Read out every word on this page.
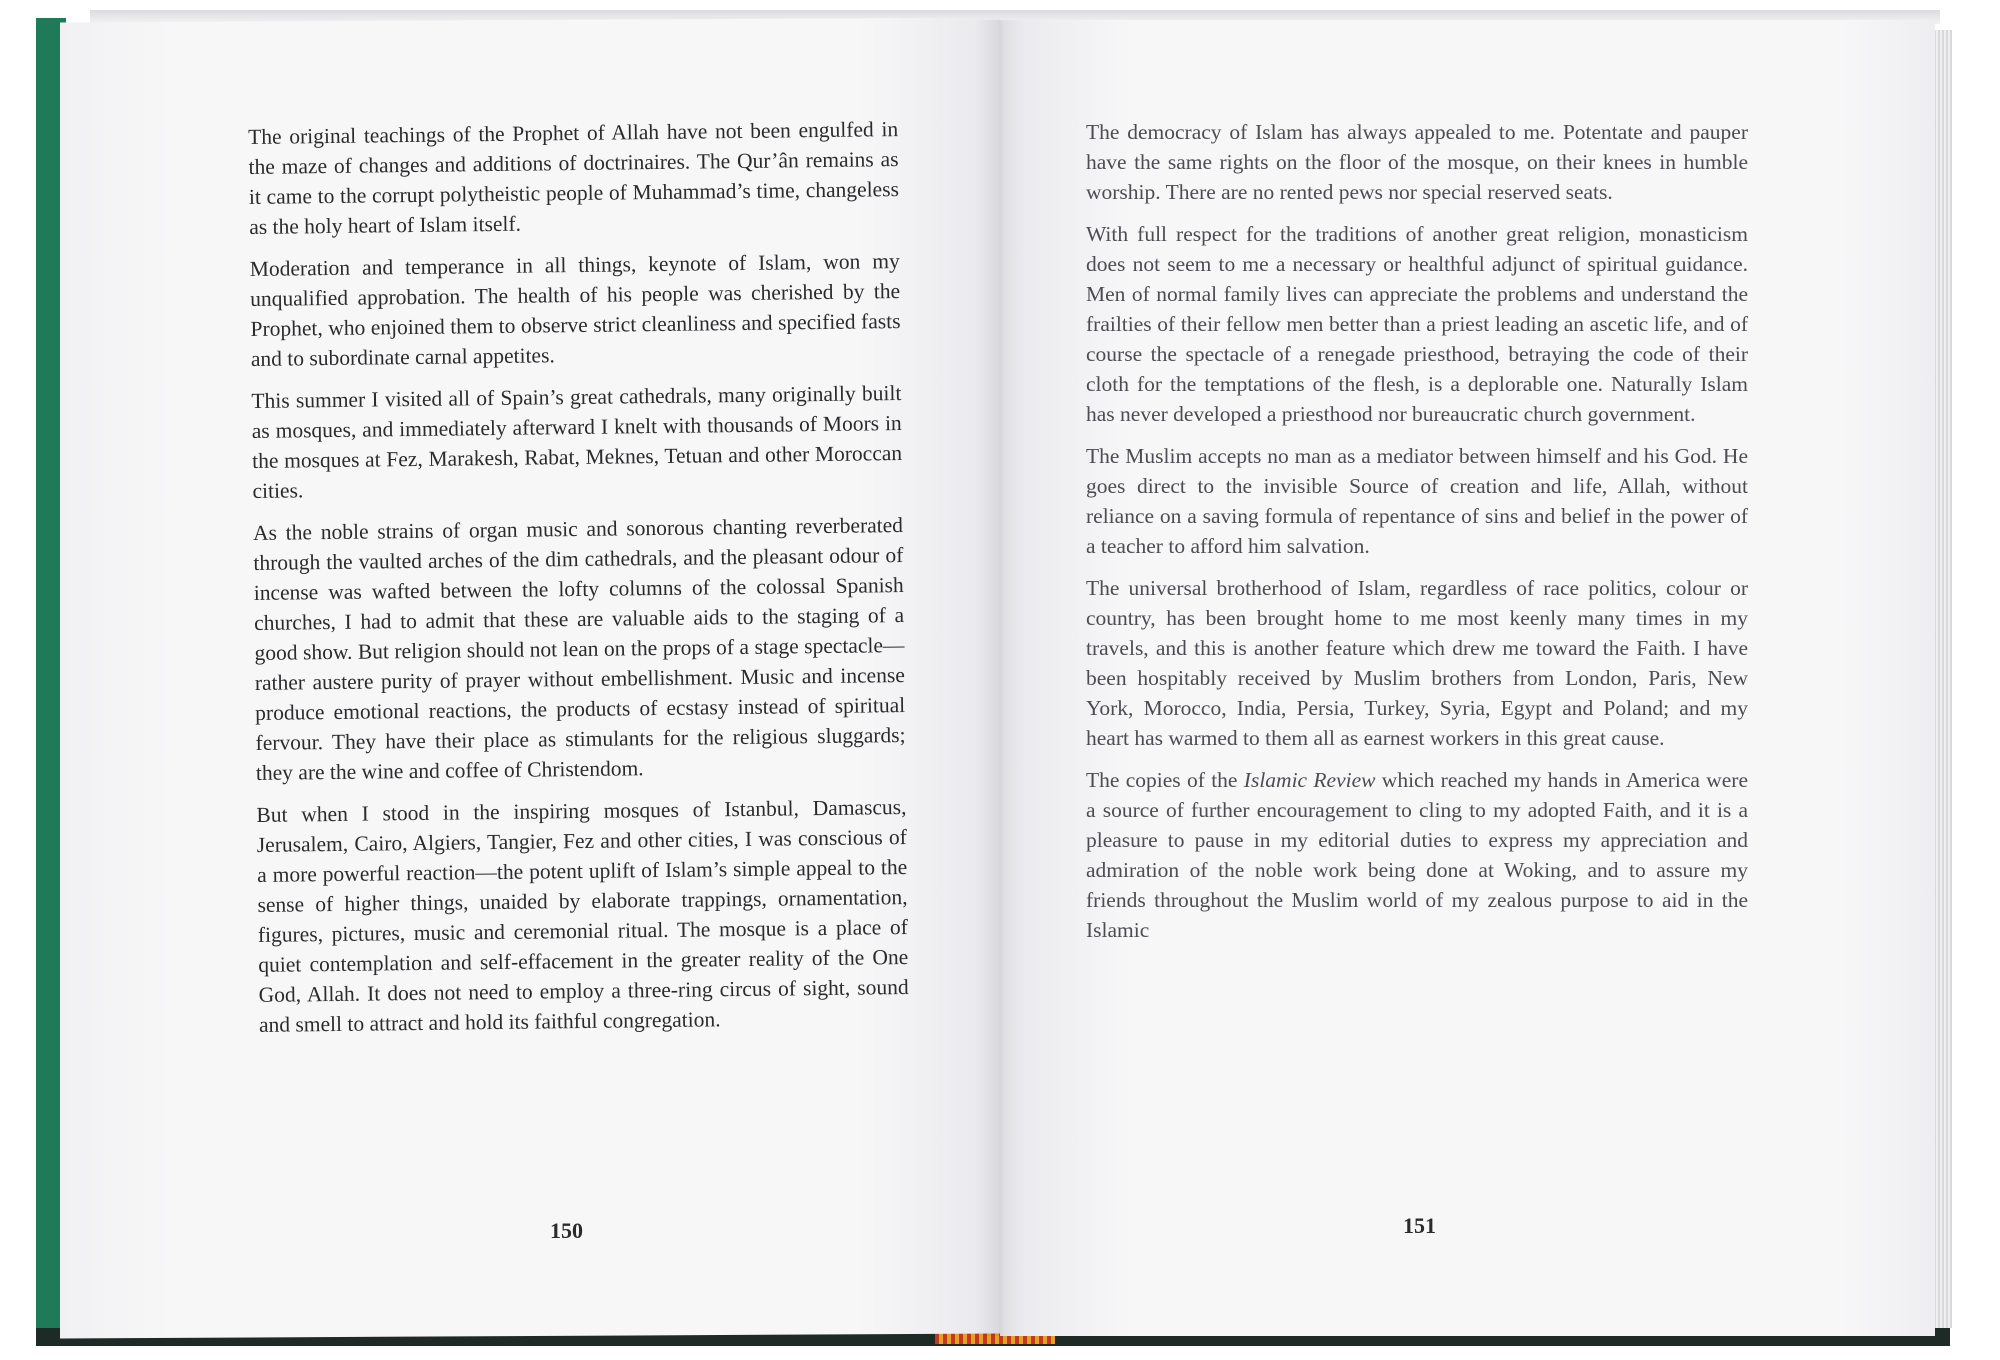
The original teachings of the Prophet of Allah have not been engulfed in the maze of changes and additions of doctrinaires. The Qur’ân remains as it came to the corrupt polytheistic people of Muhammad’s time, changeless as the holy heart of Islam itself.

Moderation and temperance in all things, keynote of Islam, won my unqualified approbation. The health of his people was cherished by the Prophet, who enjoined them to observe strict cleanliness and specified fasts and to subordinate carnal appetites.

This summer I visited all of Spain’s great cathedrals, many originally built as mosques, and immediately afterward I knelt with thousands of Moors in the mosques at Fez, Marakesh, Rabat, Meknes, Tetuan and other Moroccan cities.

As the noble strains of organ music and sonorous chanting reverberated through the vaulted arches of the dim cathedrals, and the pleasant odour of incense was wafted between the lofty columns of the colossal Spanish churches, I had to admit that these are valuable aids to the staging of a good show. But religion should not lean on the props of a stage spectacle—rather austere purity of prayer without embellishment. Music and incense produce emotional reactions, the products of ecstasy instead of spiritual fervour. They have their place as stimulants for the religious sluggards; they are the wine and coffee of Christendom.

But when I stood in the inspiring mosques of Istanbul, Damascus, Jerusalem, Cairo, Algiers, Tangier, Fez and other cities, I was conscious of a more powerful reaction—the potent uplift of Islam’s simple appeal to the sense of higher things, unaided by elaborate trappings, ornamentation, figures, pictures, music and ceremonial ritual. The mosque is a place of quiet contemplation and self-effacement in the greater reality of the One God, Allah. It does not need to employ a three-ring circus of sight, sound and smell to attract and hold its faithful congregation.

The democracy of Islam has always appealed to me. Potentate and pauper have the same rights on the floor of the mosque, on their knees in humble worship. There are no rented pews nor special reserved seats.

With full respect for the traditions of another great religion, monasticism does not seem to me a necessary or healthful adjunct of spiritual guidance. Men of normal family lives can appreciate the problems and understand the frailties of their fellow men better than a priest leading an ascetic life, and of course the spectacle of a renegade priesthood, betraying the code of their cloth for the temptations of the flesh, is a deplorable one. Naturally Islam has never developed a priesthood nor bureaucratic church government.

The Muslim accepts no man as a mediator between himself and his God. He goes direct to the invisible Source of creation and life, Allah, without reliance on a saving formula of repentance of sins and belief in the power of a teacher to afford him salvation.

The universal brotherhood of Islam, regardless of race politics, colour or country, has been brought home to me most keenly many times in my travels, and this is another feature which drew me toward the Faith. I have been hospitably received by Muslim brothers from London, Paris, New York, Morocco, India, Persia, Turkey, Syria, Egypt and Poland; and my heart has warmed to them all as earnest workers in this great cause.

The copies of the Islamic Review which reached my hands in America were a source of further encouragement to cling to my adopted Faith, and it is a pleasure to pause in my editorial duties to express my appreciation and admiration of the noble work being done at Woking, and to assure my friends throughout the Muslim world of my zealous purpose to aid in the Islamic

150	151
